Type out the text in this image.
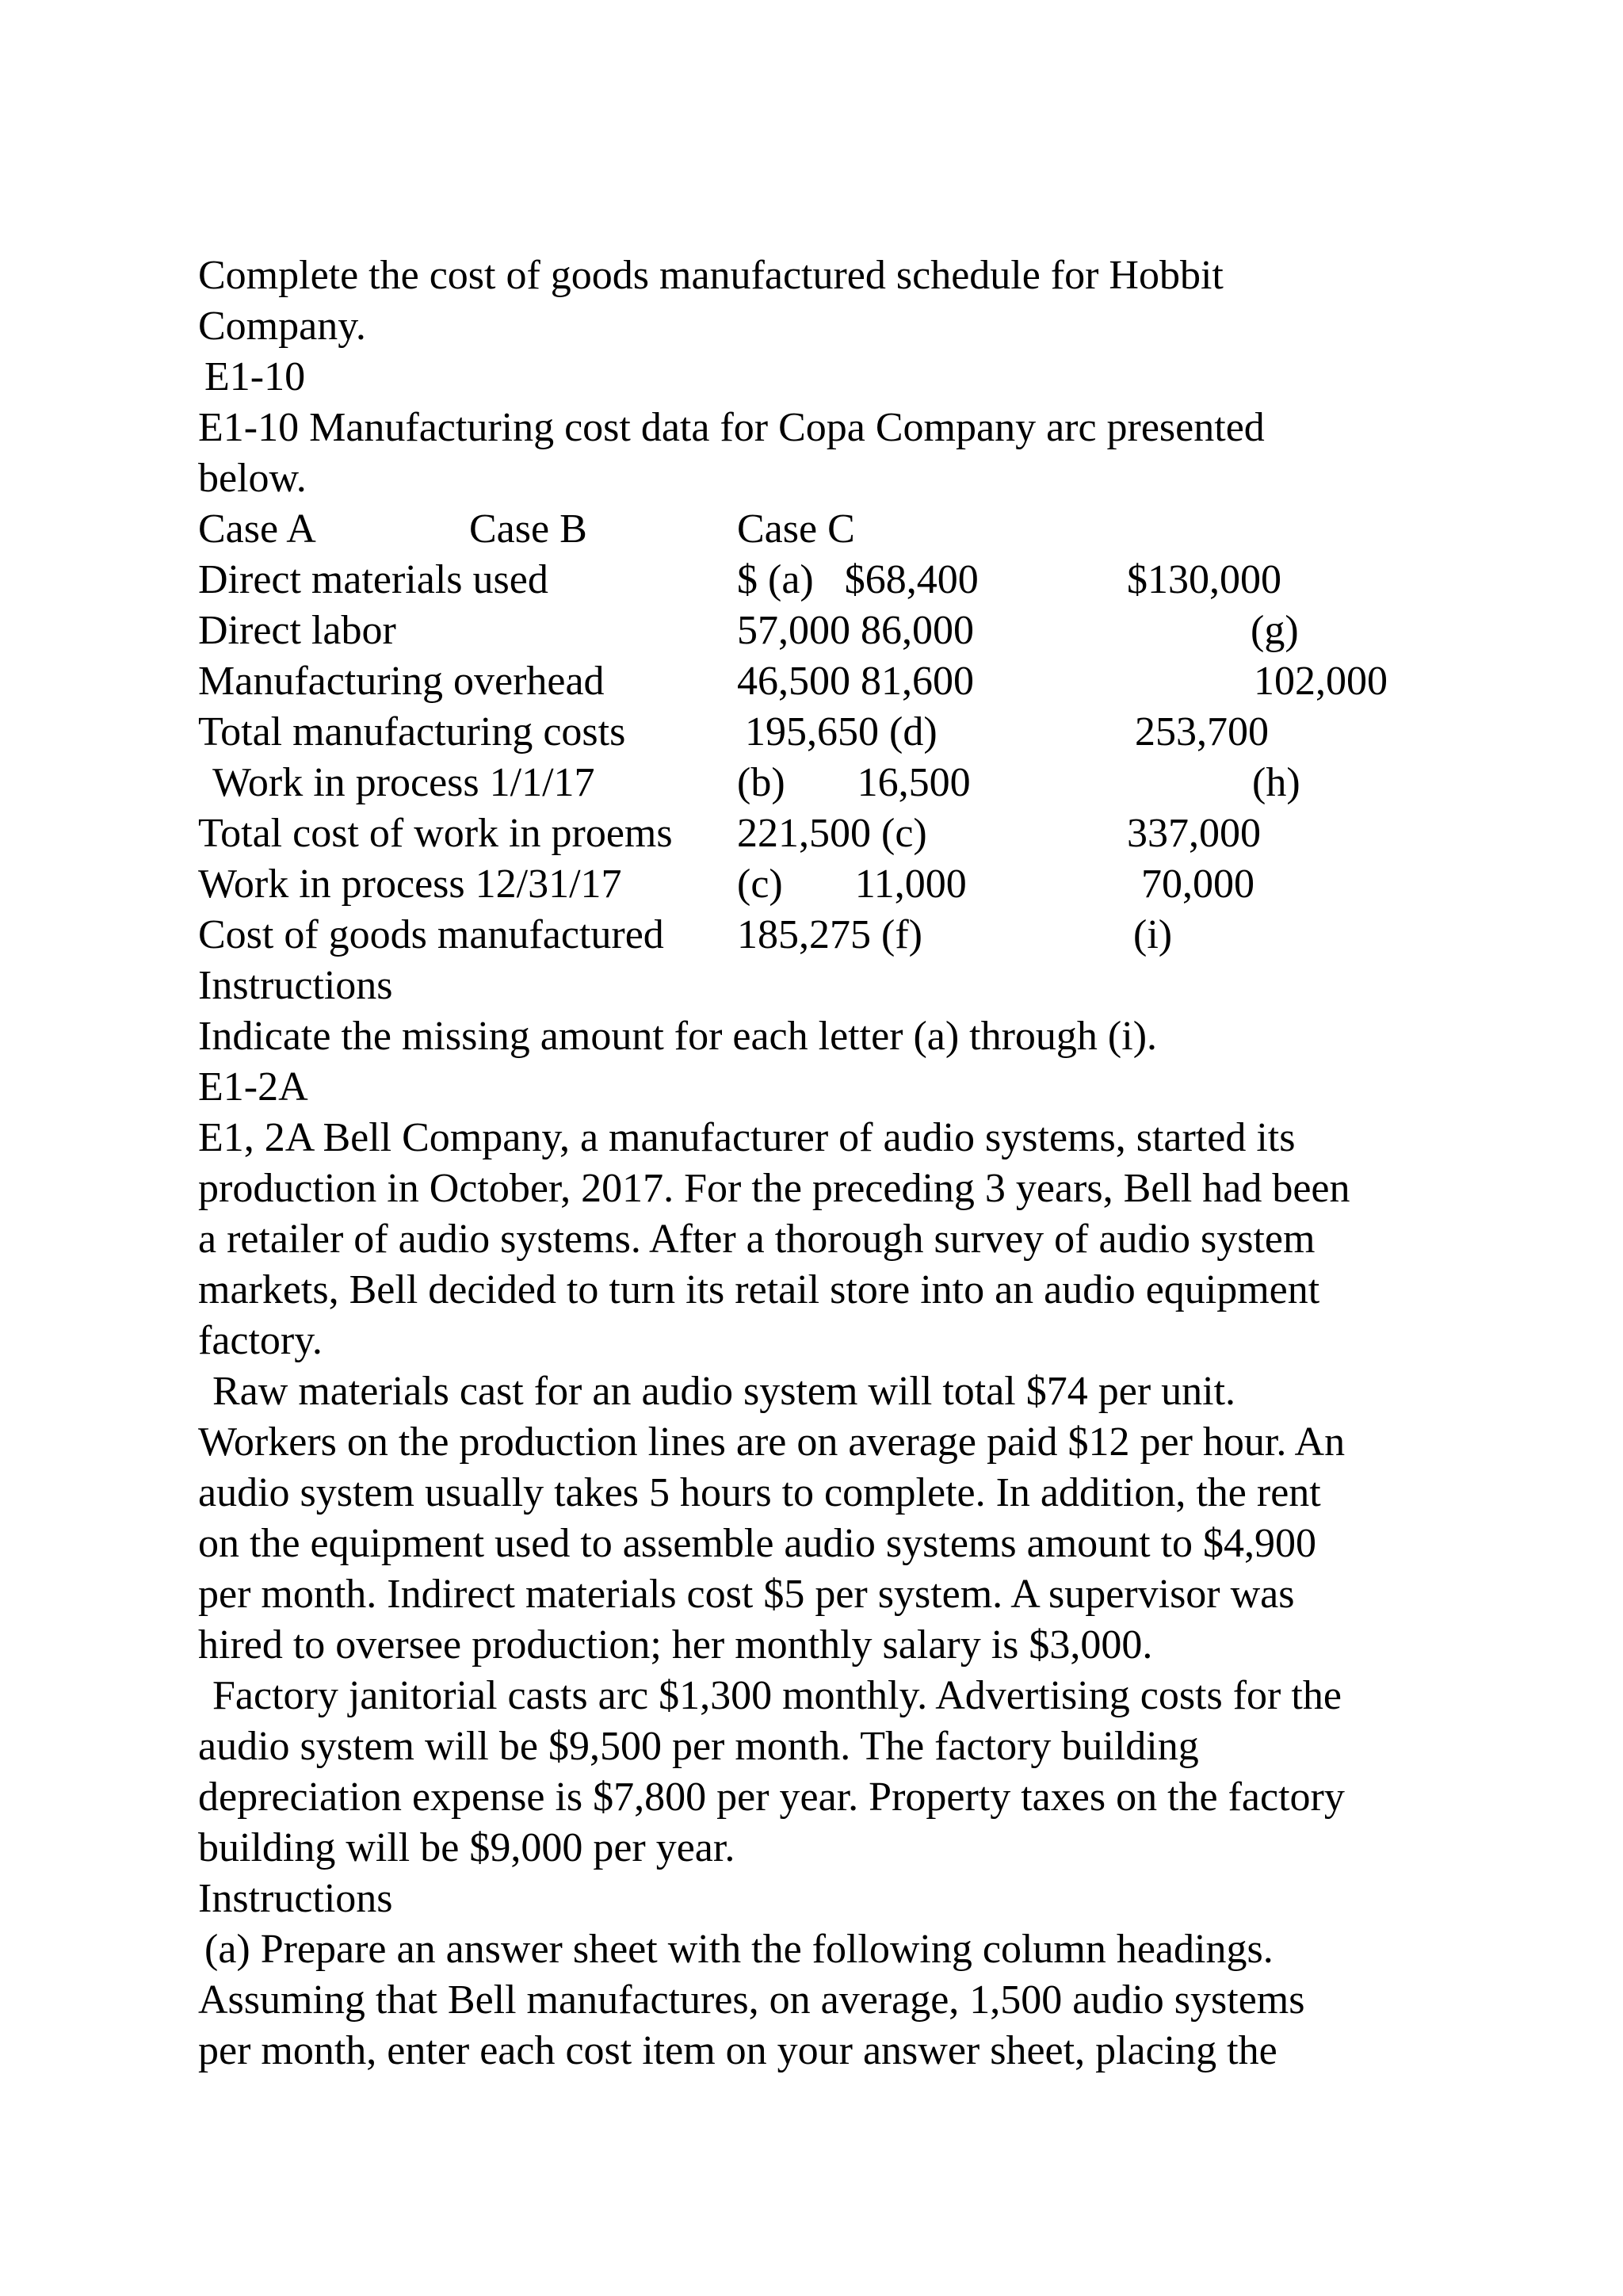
Complete the cost of goods manufactured schedule for Hobbit
Company.
E1-10
E1-10 Manufacturing cost data for Copa Company arc presented
below.
Case A	Case B	Case C
Direct materials used	$ (a)   $68,400	$130,000
Direct labor	57,000 86,000	(g)
Manufacturing overhead	46,500 81,600	102,000
Total manufacturing costs	195,650 (d)	253,700
Work in process 1/1/17	(b)       16,500	(h)
Total cost of work in proems 221,500 (c)	337,000
Work in process 12/31/17	(c)       11,000	70,000
Cost of goods manufactured 185,275 (f)	(i)
Instructions
Indicate the missing amount for each letter (a) through (i).
E1-2A
E1, 2A Bell Company, a manufacturer of audio systems, started its
production in October, 2017. For the preceding 3 years, Bell had been
a retailer of audio systems. After a thorough survey of audio system
markets, Bell decided to turn its retail store into an audio equipment
factory.
Raw materials cast for an audio system will total $74 per unit.
Workers on the production lines are on average paid $12 per hour. An
audio system usually takes 5 hours to complete. In addition, the rent
on the equipment used to assemble audio systems amount to $4,900
per month. Indirect materials cost $5 per system. A supervisor was
hired to oversee production; her monthly salary is $3,000.
Factory janitorial casts arc $1,300 monthly. Advertising costs for the
audio system will be $9,500 per month. The factory building
depreciation expense is $7,800 per year. Property taxes on the factory
building will be $9,000 per year.
Instructions
(a) Prepare an answer sheet with the following column headings.
Assuming that Bell manufactures, on average, 1,500 audio systems
per month, enter each cost item on your answer sheet, placing the
